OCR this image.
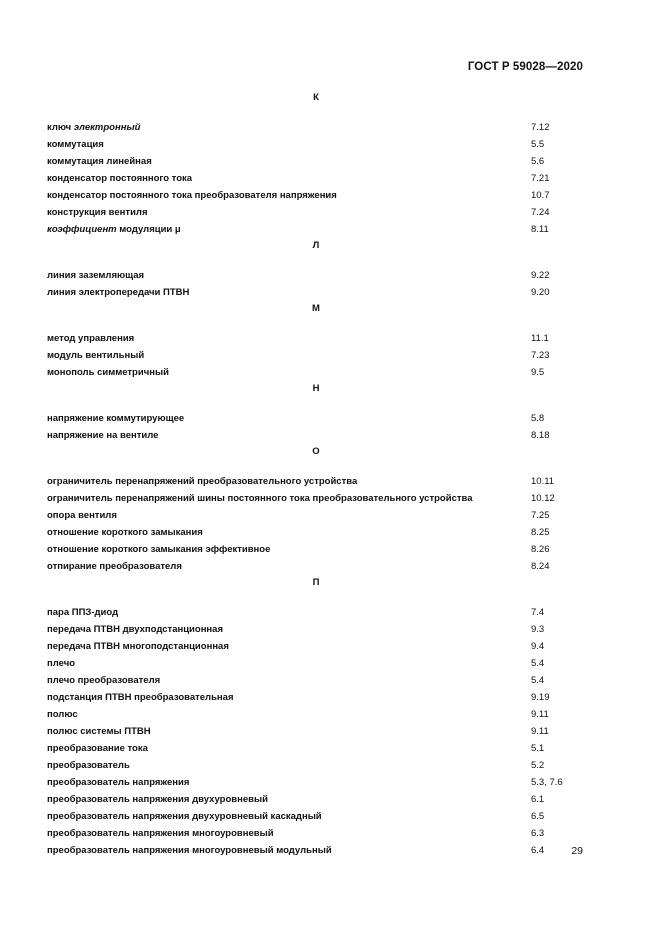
ГОСТ Р 59028—2020
К
ключ электронный	7.12
коммутация	5.5
коммутация линейная	5.6
конденсатор постоянного тока	7.21
конденсатор постоянного тока преобразователя напряжения	10.7
конструкция вентиля	7.24
коэффициент модуляции μ	8.11
Л
линия заземляющая	9.22
линия электропередачи ПТВН	9.20
М
метод управления	11.1
модуль вентильный	7.23
монополь симметричный	9.5
Н
напряжение коммутирующее	5.8
напряжение на вентиле	8.18
О
ограничитель перенапряжений преобразовательного устройства	10.11
ограничитель перенапряжений шины постоянного тока преобразовательного устройства	10.12
опора вентиля	7.25
отношение короткого замыкания	8.25
отношение короткого замыкания эффективное	8.26
отпирание преобразователя	8.24
П
пара ППЗ-диод	7.4
передача ПТВН двухподстанционная	9.3
передача ПТВН многоподстанционная	9.4
плечо	5.4
плечо преобразователя	5.4
подстанция ПТВН преобразовательная	9.19
полюс	9.11
полюс системы ПТВН	9.11
преобразование тока	5.1
преобразователь	5.2
преобразователь напряжения	5.3, 7.6
преобразователь напряжения двухуровневый	6.1
преобразователь напряжения двухуровневый каскадный	6.5
преобразователь напряжения многоуровневый	6.3
преобразователь напряжения многоуровневый модульный	6.4	29
